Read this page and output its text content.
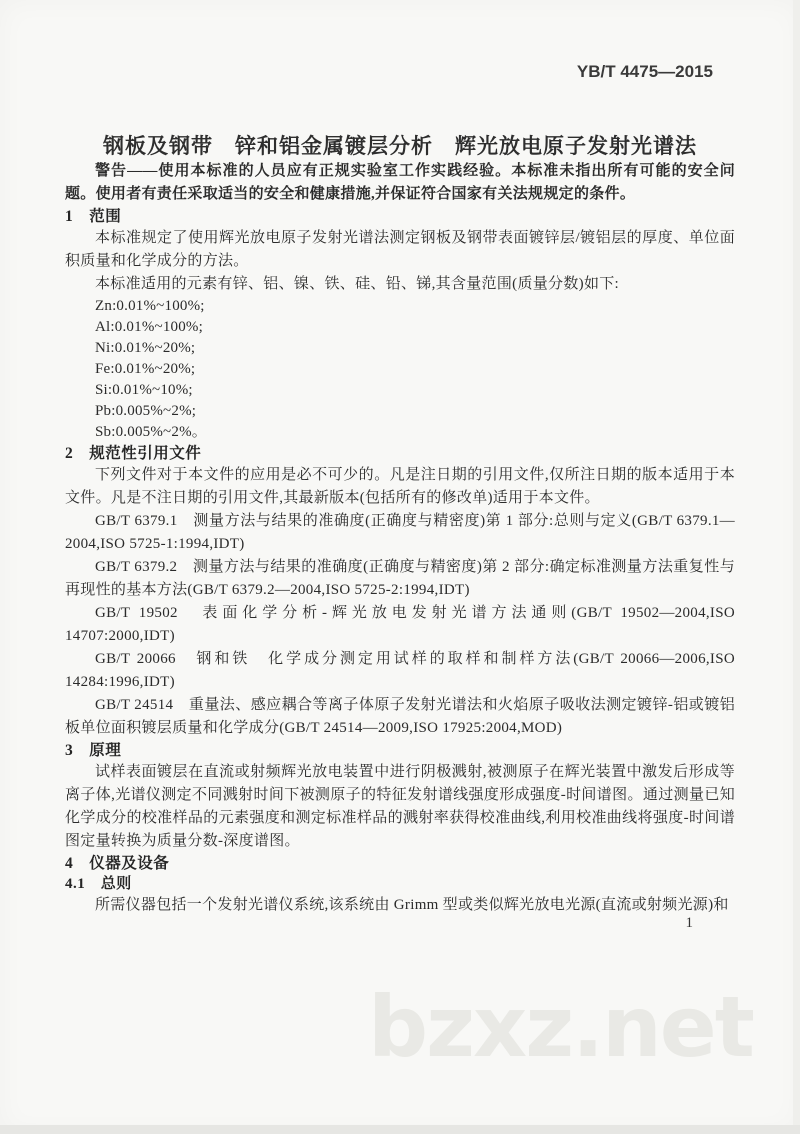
bzxz.net
YB/T 4475—2015
钢板及钢带　锌和铝金属镀层分析　辉光放电原子发射光谱法

警告——使用本标准的人员应有正规实验室工作实践经验。本标准未指出所有可能的安全问题。使用者有责任采取适当的安全和健康措施,并保证符合国家有关法规规定的条件。

1　范围

本标准规定了使用辉光放电原子发射光谱法测定钢板及钢带表面镀锌层/镀铝层的厚度、单位面积质量和化学成分的方法。

本标准适用的元素有锌、铝、镍、铁、硅、铅、锑,其含量范围(质量分数)如下:

Zn:0.01%~100%;

Al:0.01%~100%;

Ni:0.01%~20%;

Fe:0.01%~20%;

Si:0.01%~10%;

Pb:0.005%~2%;

Sb:0.005%~2%。

2　规范性引用文件

下列文件对于本文件的应用是必不可少的。凡是注日期的引用文件,仅所注日期的版本适用于本文件。凡是不注日期的引用文件,其最新版本(包括所有的修改单)适用于本文件。

GB/T 6379.1　测量方法与结果的准确度(正确度与精密度)第 1 部分:总则与定义(GB/T 6379.1—2004,ISO 5725-1:1994,IDT)

GB/T 6379.2　测量方法与结果的准确度(正确度与精密度)第 2 部分:确定标准测量方法重复性与再现性的基本方法(GB/T 6379.2—2004,ISO 5725-2:1994,IDT)

GB/T 19502　表面化学分析-辉光放电发射光谱方法通则(GB/T 19502—2004,ISO 14707:2000,IDT)

GB/T 20066　钢和铁　化学成分测定用试样的取样和制样方法(GB/T 20066—2006,ISO 14284:1996,IDT)

GB/T 24514　重量法、感应耦合等离子体原子发射光谱法和火焰原子吸收法测定镀锌-铝或镀铝板单位面积镀层质量和化学成分(GB/T 24514—2009,ISO 17925:2004,MOD)

3　原理

试样表面镀层在直流或射频辉光放电装置中进行阴极溅射,被测原子在辉光装置中激发后形成等离子体,光谱仪测定不同溅射时间下被测原子的特征发射谱线强度形成强度-时间谱图。通过测量已知化学成分的校准样品的元素强度和测定标准样品的溅射率获得校准曲线,利用校准曲线将强度-时间谱图定量转换为质量分数-深度谱图。

4　仪器及设备
4.1　总则

所需仪器包括一个发射光谱仪系统,该系统由 Grimm 型或类似辉光放电光源(直流或射频光源)和

1
